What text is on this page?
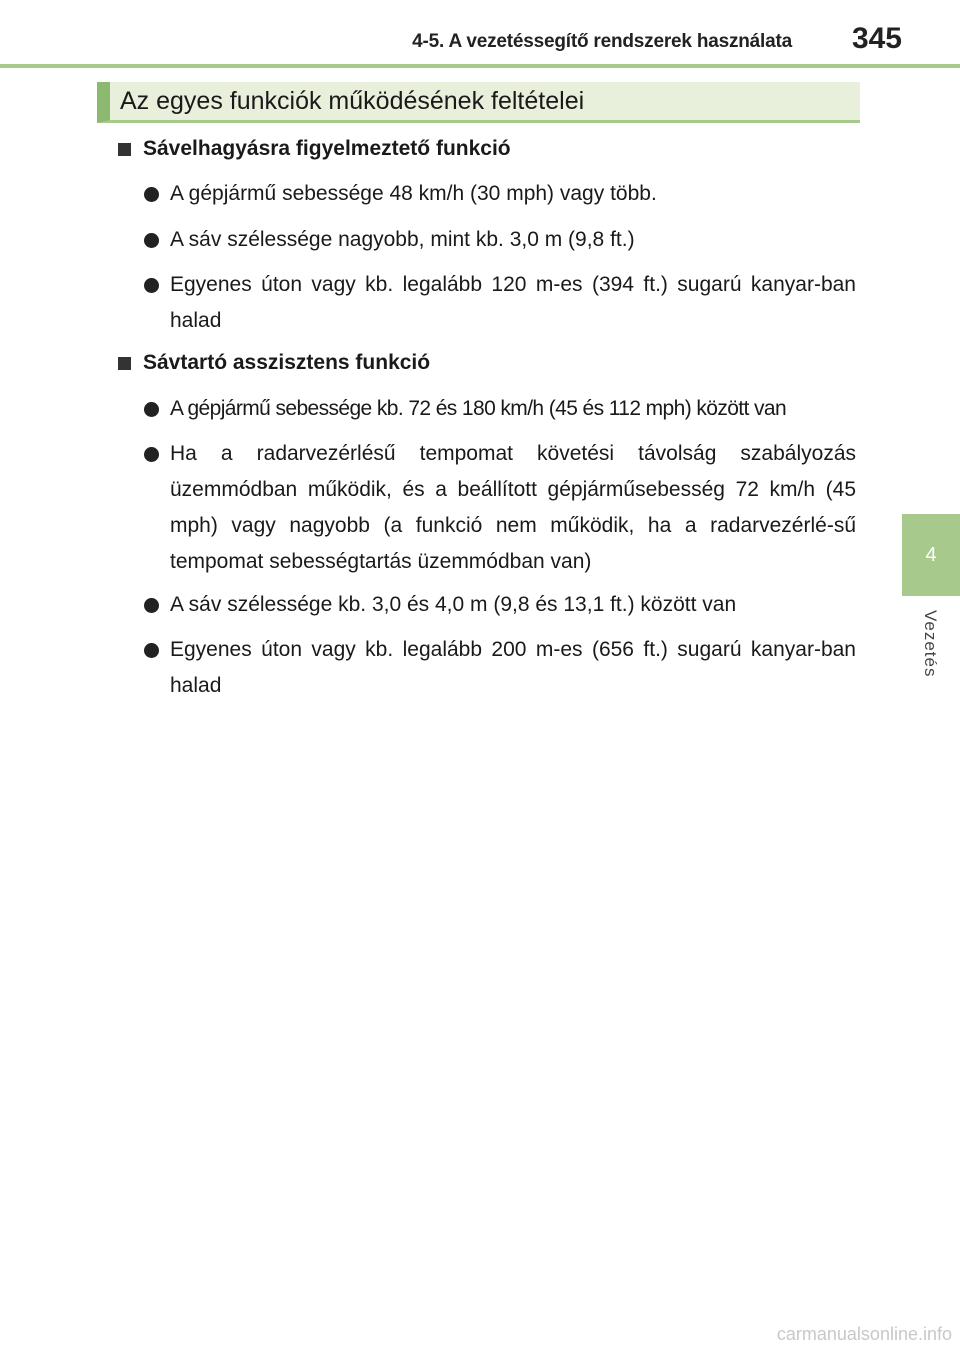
4-5. A vezetéssegítő rendszerek használata	345
4
Vezetés
Az egyes funkciók működésének feltételei
Sávelhagyásra figyelmeztető funkció
A gépjármű sebessége 48 km/h (30 mph) vagy több.
A sáv szélessége nagyobb, mint kb. 3,0 m (9,8 ft.)
Egyenes úton vagy kb. legalább 120 m-es (394 ft.) sugarú kanyar-ban halad
Sávtartó asszisztens funkció
A gépjármű sebessége kb. 72 és 180 km/h (45 és 112 mph) között van
Ha a radarvezérlésű tempomat követési távolság szabályozás üzemmódban működik, és a beállított gépjárműsebesség 72 km/h (45 mph) vagy nagyobb (a funkció nem működik, ha a radarvezérlé-sű tempomat sebességtartás üzemmódban van)
A sáv szélessége kb. 3,0 és 4,0 m (9,8 és 13,1 ft.) között van
Egyenes úton vagy kb. legalább 200 m-es (656 ft.) sugarú kanyar-ban halad
carmanualsonline.info
